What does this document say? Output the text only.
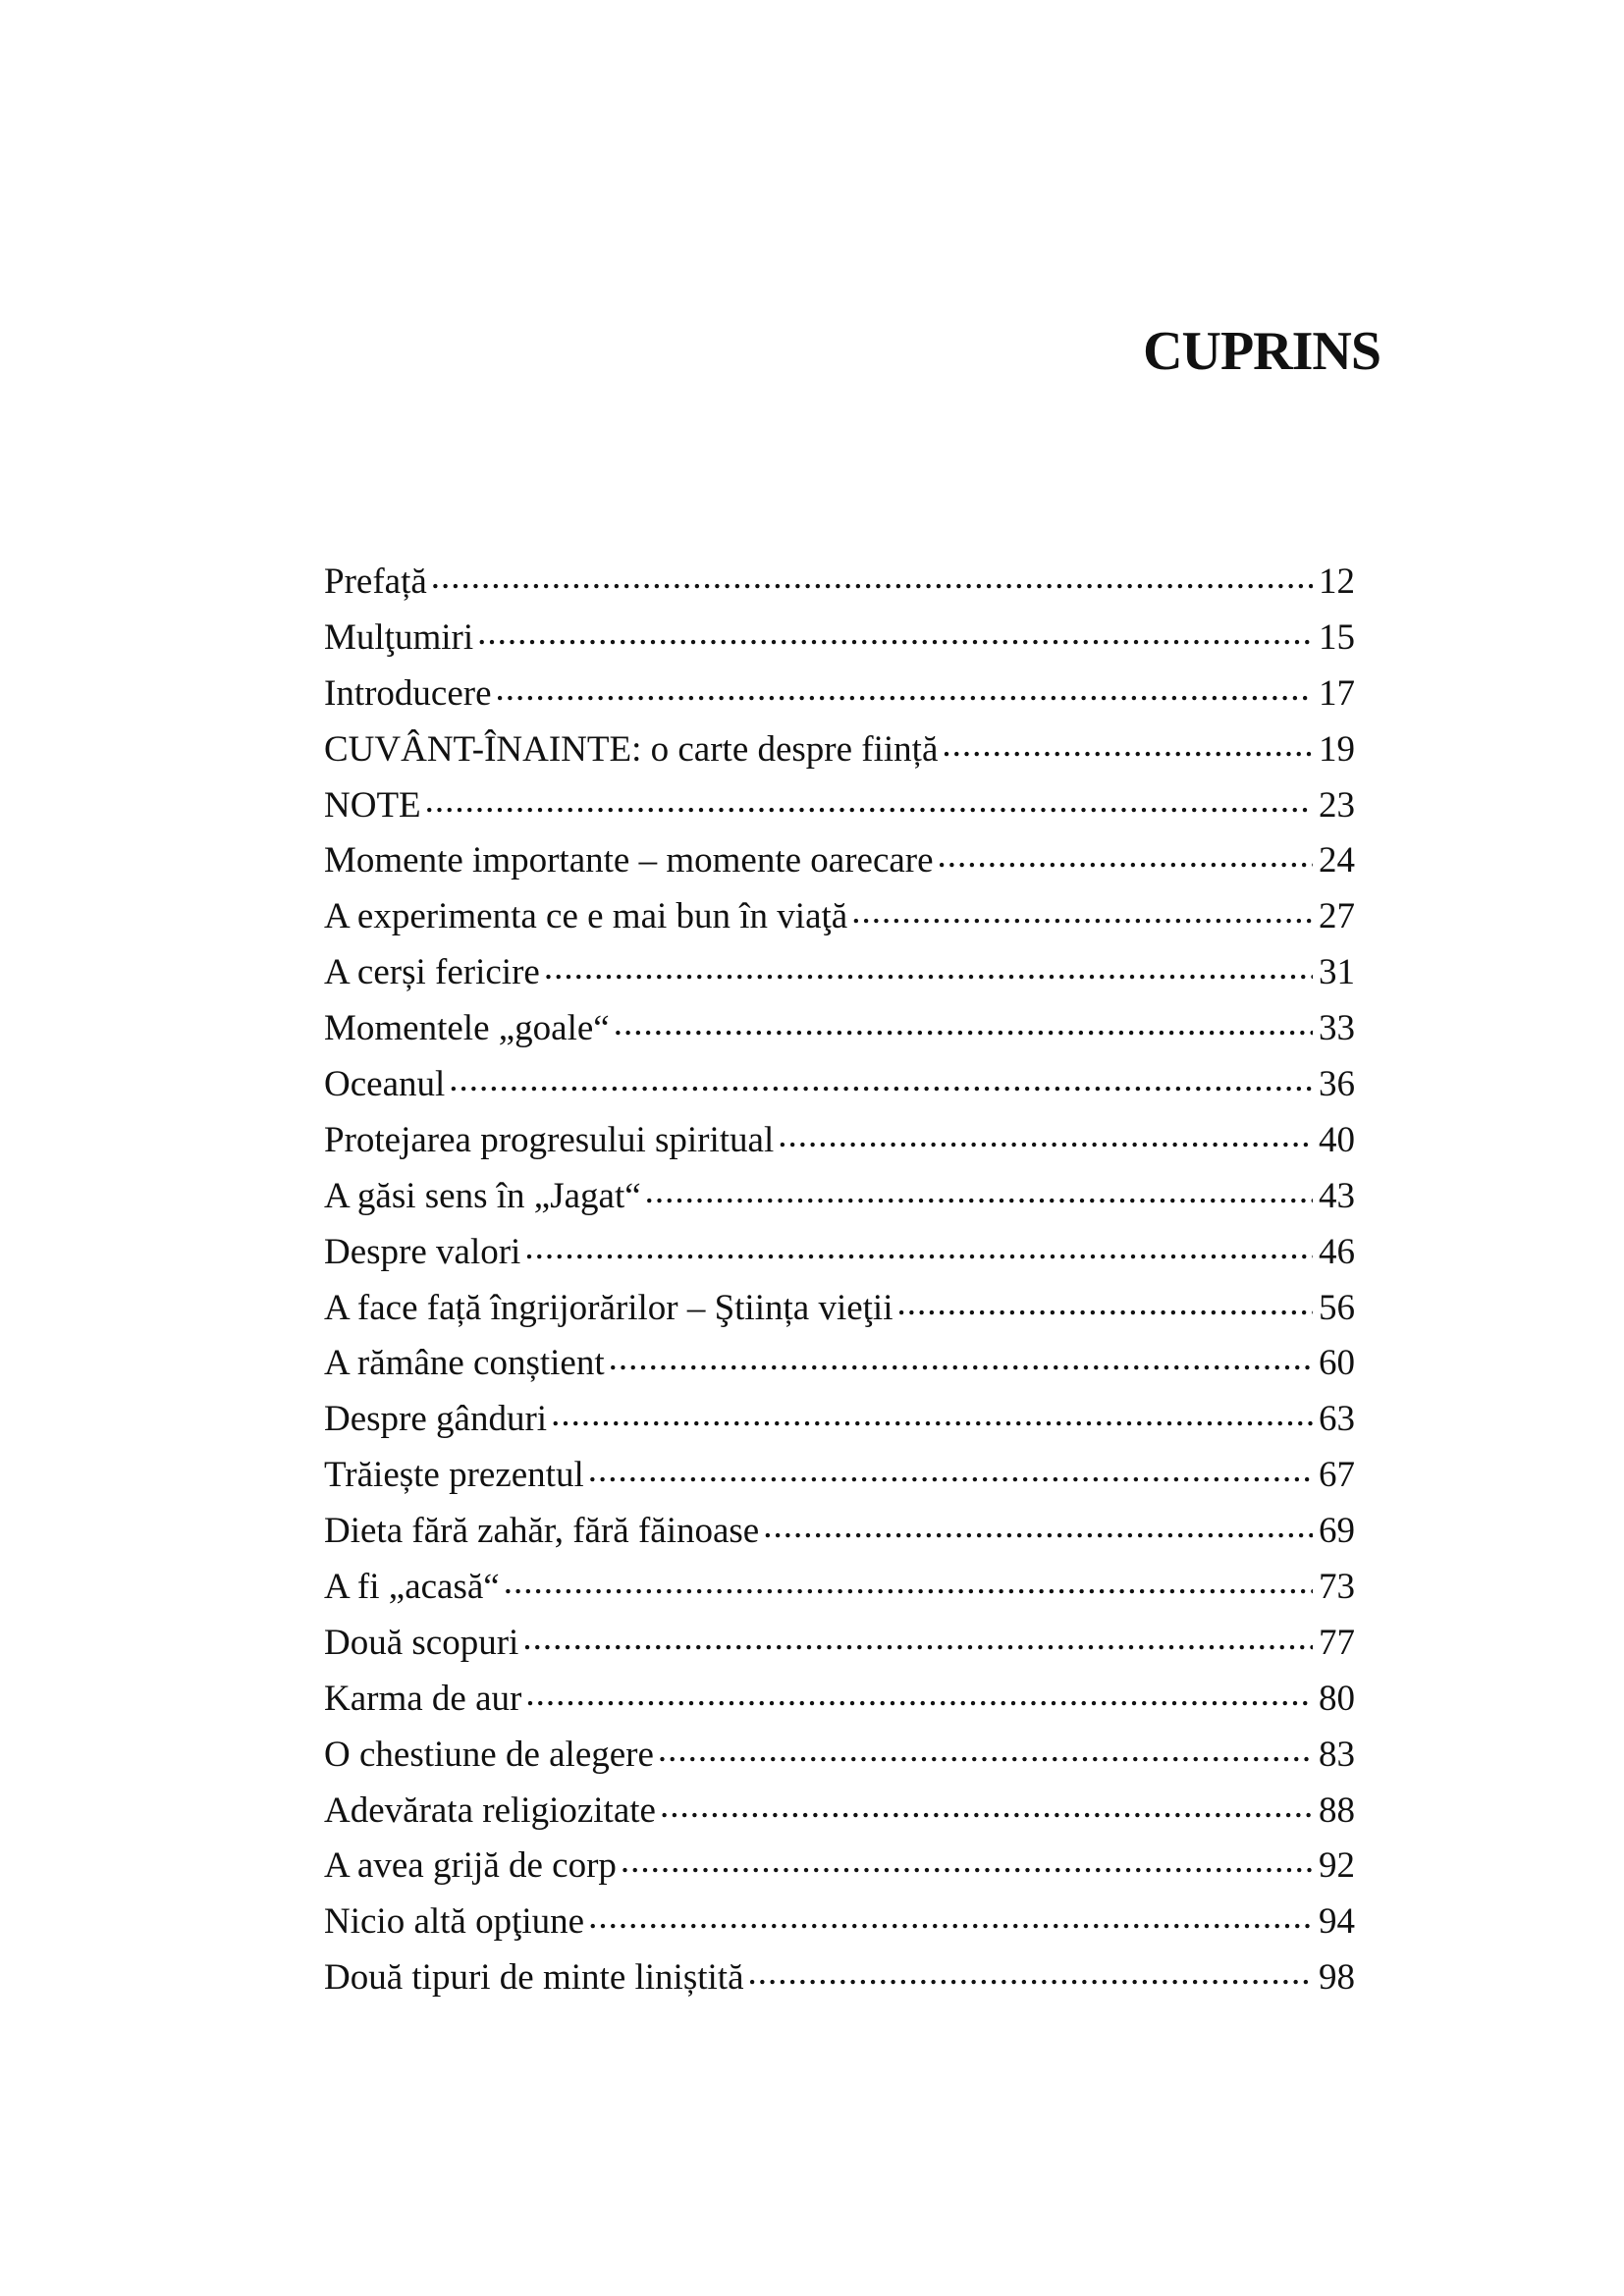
CUPRINS
Prefață .....	12
Mulţumiri .....	15
Introducere .....	17
CUVÂNT-ÎNAINTE: o carte despre ființă .....	19
NOTE .....	23
Momente importante – momente oarecare .....	24
A experimenta ce e mai bun în viaţă .....	27
A cerși fericire .....	31
Momentele „goale“ .....	33
Oceanul .....	36
Protejarea progresului spiritual .....	40
A găsi sens în „Jagat“ .....	43
Despre valori .....	46
A face față îngrijorărilor – Ştiința vieţii .....	56
A rămâne conștient .....	60
Despre gânduri .....	63
Trăiește prezentul .....	67
Dieta fără zahăr, fără făinoase .....	69
A fi „acasă“ .....	73
Două scopuri .....	77
Karma de aur .....	80
O chestiune de alegere .....	83
Adevărata religiozitate .....	88
A avea grijă de corp .....	92
Nicio altă opţiune .....	94
Două tipuri de minte liniștită .....	98
